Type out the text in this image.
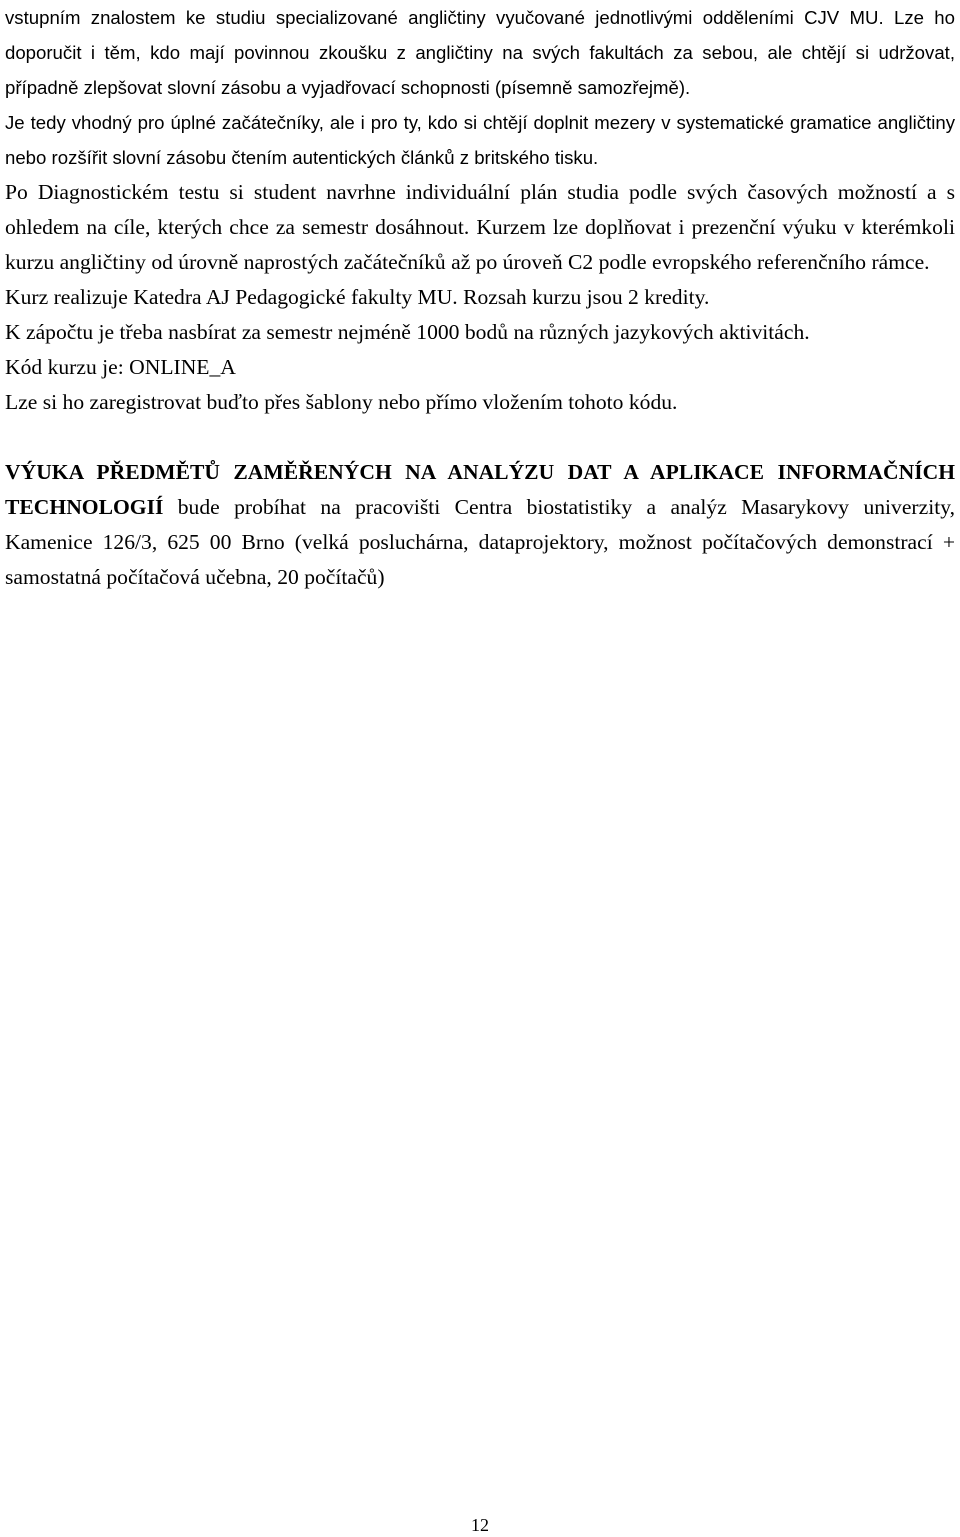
vstupním znalostem ke studiu specializované angličtiny vyučované jednotlivými odděleními CJV MU. Lze ho doporučit i těm, kdo mají povinnou zkoušku z angličtiny na svých fakultách za sebou, ale chtějí si udržovat, případně zlepšovat slovní zásobu a vyjadřovací schopnosti (písemně samozřejmě).

Je tedy vhodný pro úplné začátečníky, ale i pro ty, kdo si chtějí doplnit mezery v systematické gramatice angličtiny nebo rozšířit slovní zásobu čtením autentických článků z britského tisku.

Po Diagnostickém testu si student navrhne individuální plán studia podle svých časových možností a s ohledem na cíle, kterých chce za semestr dosáhnout. Kurzem lze doplňovat i prezenční výuku v kterémkoli kurzu angličtiny od úrovně naprostých začátečníků až po úroveň C2 podle evropského referenčního rámce.

Kurz realizuje Katedra AJ Pedagogické fakulty MU. Rozsah kurzu jsou 2 kredity.

K zápočtu je třeba nasbírat za semestr nejméně 1000 bodů na různých jazykových aktivitách.

Kód kurzu je: ONLINE_A

Lze si ho zaregistrovat buďto přes šablony nebo přímo vložením tohoto kódu.

VÝUKA PŘEDMĚTŮ ZAMĚŘENÝCH NA ANALÝZU DAT A APLIKACE INFORMAČNÍCH TECHNOLOGIÍ bude probíhat na pracovišti Centra biostatistiky a analýz Masarykovy univerzity, Kamenice 126/3, 625 00 Brno (velká posluchárna, dataprojektory, možnost počítačových demonstrací + samostatná počítačová učebna, 20 počítačů)

12
